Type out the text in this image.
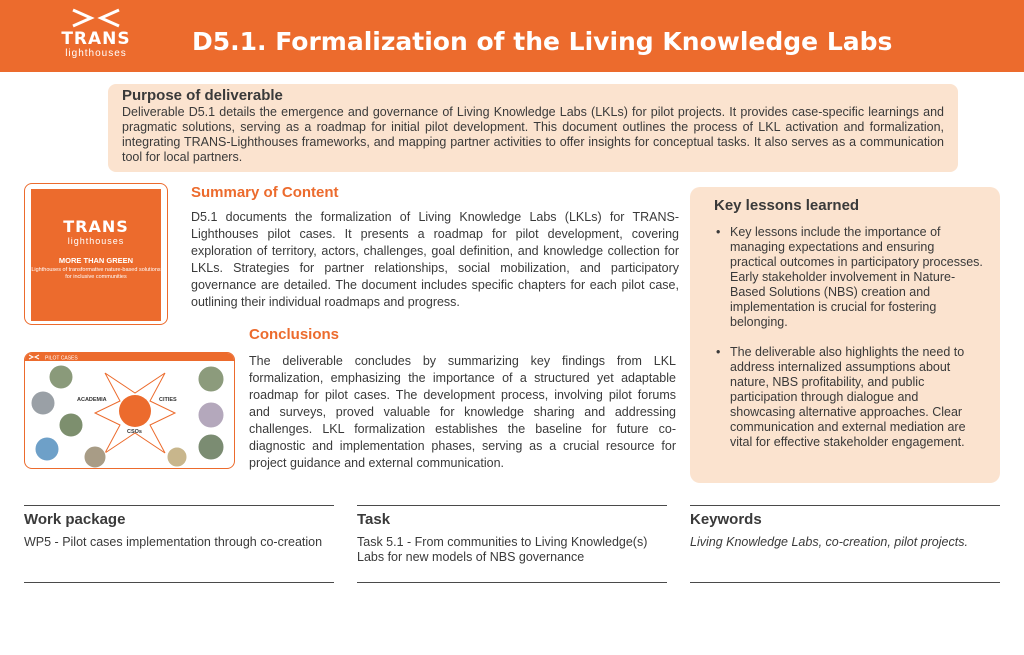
TRANS
lighthouses	D5.1. Formalization of the Living Knowledge Labs
Purpose of deliverable

Deliverable D5.1 details the emergence and governance of Living Knowledge Labs (LKLs) for pilot projects. It provides case-specific learnings and pragmatic solutions, serving as a roadmap for initial pilot development. This document outlines the process of LKL activation and formalization, integrating TRANS-Lighthouses frameworks, and mapping partner activities to offer insights for conceptual tasks. It also serves as a communication tool for local partners.

TRANS
lighthouses
MORE THAN GREEN
Lighthouses of transformative nature-based solutions for inclusive communities
Summary of Content

D5.1 documents the formalization of Living Knowledge Labs (LKLs) for TRANS-Lighthouses pilot cases. It presents a roadmap for pilot development, covering exploration of territory, actors, challenges, goal definition, and knowledge collection for LKLs. Strategies for partner relationships, social mobilization, and participatory governance are detailed. The document includes specific chapters for each pilot case, outlining their individual roadmaps and progress.

PILOT CASES
ACADEMIA	CITIES
CSOs
Conclusions

The deliverable concludes by summarizing key findings from LKL formalization, emphasizing the importance of a structured yet adaptable roadmap for pilot cases. The development process, involving pilot forums and surveys, proved valuable for knowledge sharing and addressing challenges. LKL formalization establishes the baseline for future co-diagnostic and implementation phases, serving as a crucial resource for project guidance and external communication.

Key lessons learned
• Key lessons include the importance of managing expectations and ensuring practical outcomes in participatory processes. Early stakeholder involvement in Nature-Based Solutions (NBS) creation and implementation is crucial for fostering belonging.
• The deliverable also highlights the need to address internalized assumptions about nature, NBS profitability, and public participation through dialogue and showcasing alternative approaches. Clear communication and external mediation are vital for effective stakeholder engagement.
Work package

WP5 - Pilot cases implementation through co-creation

Task

Task 5.1 - From communities to Living Knowledge(s) Labs for new models of NBS governance

Keywords

Living Knowledge Labs, co-creation, pilot projects.
